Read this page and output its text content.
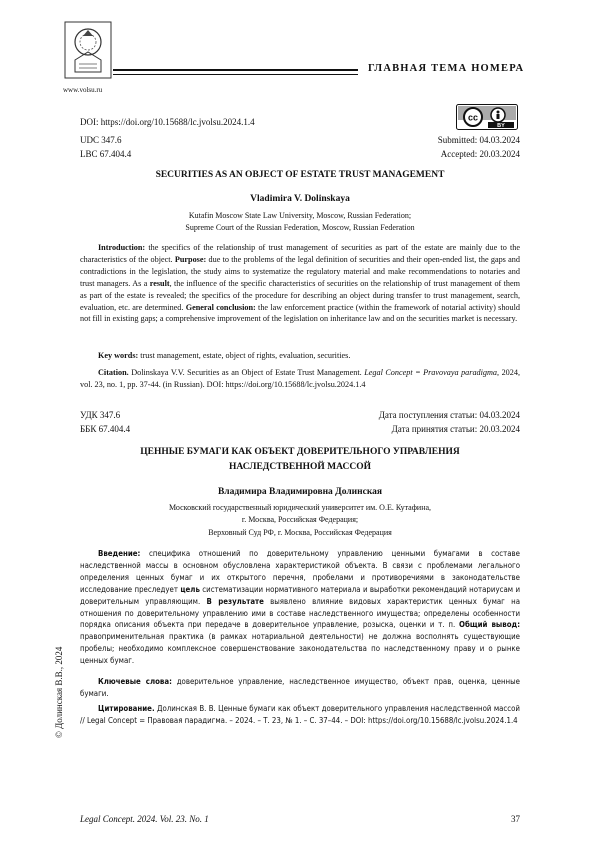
www.volsu.ru
ГЛАВНАЯ ТЕМА НОМЕРА
DOI: https://doi.org/10.15688/lc.jvolsu.2024.1.4	cc
BY
UDC 347.6
LBC 67.404.4
Submitted: 04.03.2024
Accepted: 20.03.2024
SECURITIES AS AN OBJECT OF ESTATE TRUST MANAGEMENT
Vladimira V. Dolinskaya
Kutafin Moscow State Law University, Moscow, Russian Federation;
Supreme Court of the Russian Federation, Moscow, Russian Federation
Introduction: the specifics of the relationship of trust management of securities as part of the estate are mainly due to the characteristics of the object. Purpose: due to the problems of the legal definition of securities and their open-ended list, the gaps and contradictions in the legislation, the study aims to systematize the regulatory material and make recommendations to notaries and trust managers. As a result, the influence of the specific characteristics of securities on the relationship of trust management of them as part of the estate is revealed; the specifics of the procedure for describing an object during transfer to trust management, search, evaluation, etc. are determined. General conclusion: the law enforcement practice (within the framework of notarial activity) should not fill in existing gaps; a comprehensive improvement of the legislation on inheritance law and on the securities market is necessary.
Key words: trust management, estate, object of rights, evaluation, securities.
Citation. Dolinskaya V.V. Securities as an Object of Estate Trust Management. Legal Concept = Pravovaya paradigma, 2024, vol. 23, no. 1, pp. 37-44. (in Russian). DOI: https://doi.org/10.15688/lc.jvolsu.2024.1.4
УДК 347.6
ББК 67.404.4
Дата поступления статьи: 04.03.2024
Дата принятия статьи: 20.03.2024
ЦЕННЫЕ БУМАГИ КАК ОБЪЕКТ ДОВЕРИТЕЛЬНОГО УПРАВЛЕНИЯ
НАСЛЕДСТВЕННОЙ МАССОЙ
Владимира Владимировна Долинская
Московский государственный юридический университет им. О.Е. Кутафина,
г. Москва, Российская Федерация;
Верховный Суд РФ, г. Москва, Российская Федерация
Введение: специфика отношений по доверительному управлению ценными бумагами в составе наследственной массы в основном обусловлена характеристикой объекта. В связи с проблемами легального определения ценных бумаг и их открытого перечня, пробелами и противоречиями в законодательстве исследование преследует цель систематизации нормативного материала и выработки рекомендаций нотариусам и доверительным управляющим. В результате выявлено влияние видовых характеристик ценных бумаг на отношения по доверительному управлению ими в составе наследственного имущества; определены особенности порядка описания объекта при передаче в доверительное управление, розыска, оценки и т. п. Общий вывод: правоприменительная практика (в рамках нотариальной деятельности) не должна восполнять существующие пробелы; необходимо комплексное совершенствование законодательства по наследственному праву и о рынке ценных бумаг.
Ключевые слова: доверительное управление, наследственное имущество, объект прав, оценка, ценные бумаги.
Цитирование. Долинская В. В. Ценные бумаги как объект доверительного управления наследственной массой // Legal Concept = Правовая парадигма. – 2024. – Т. 23, № 1. – С. 37–44. – DOI: https://doi.org/10.15688/lc.jvolsu.2024.1.4
© Долинская В.В., 2024
Legal Concept. 2024. Vol. 23. No. 1	37
